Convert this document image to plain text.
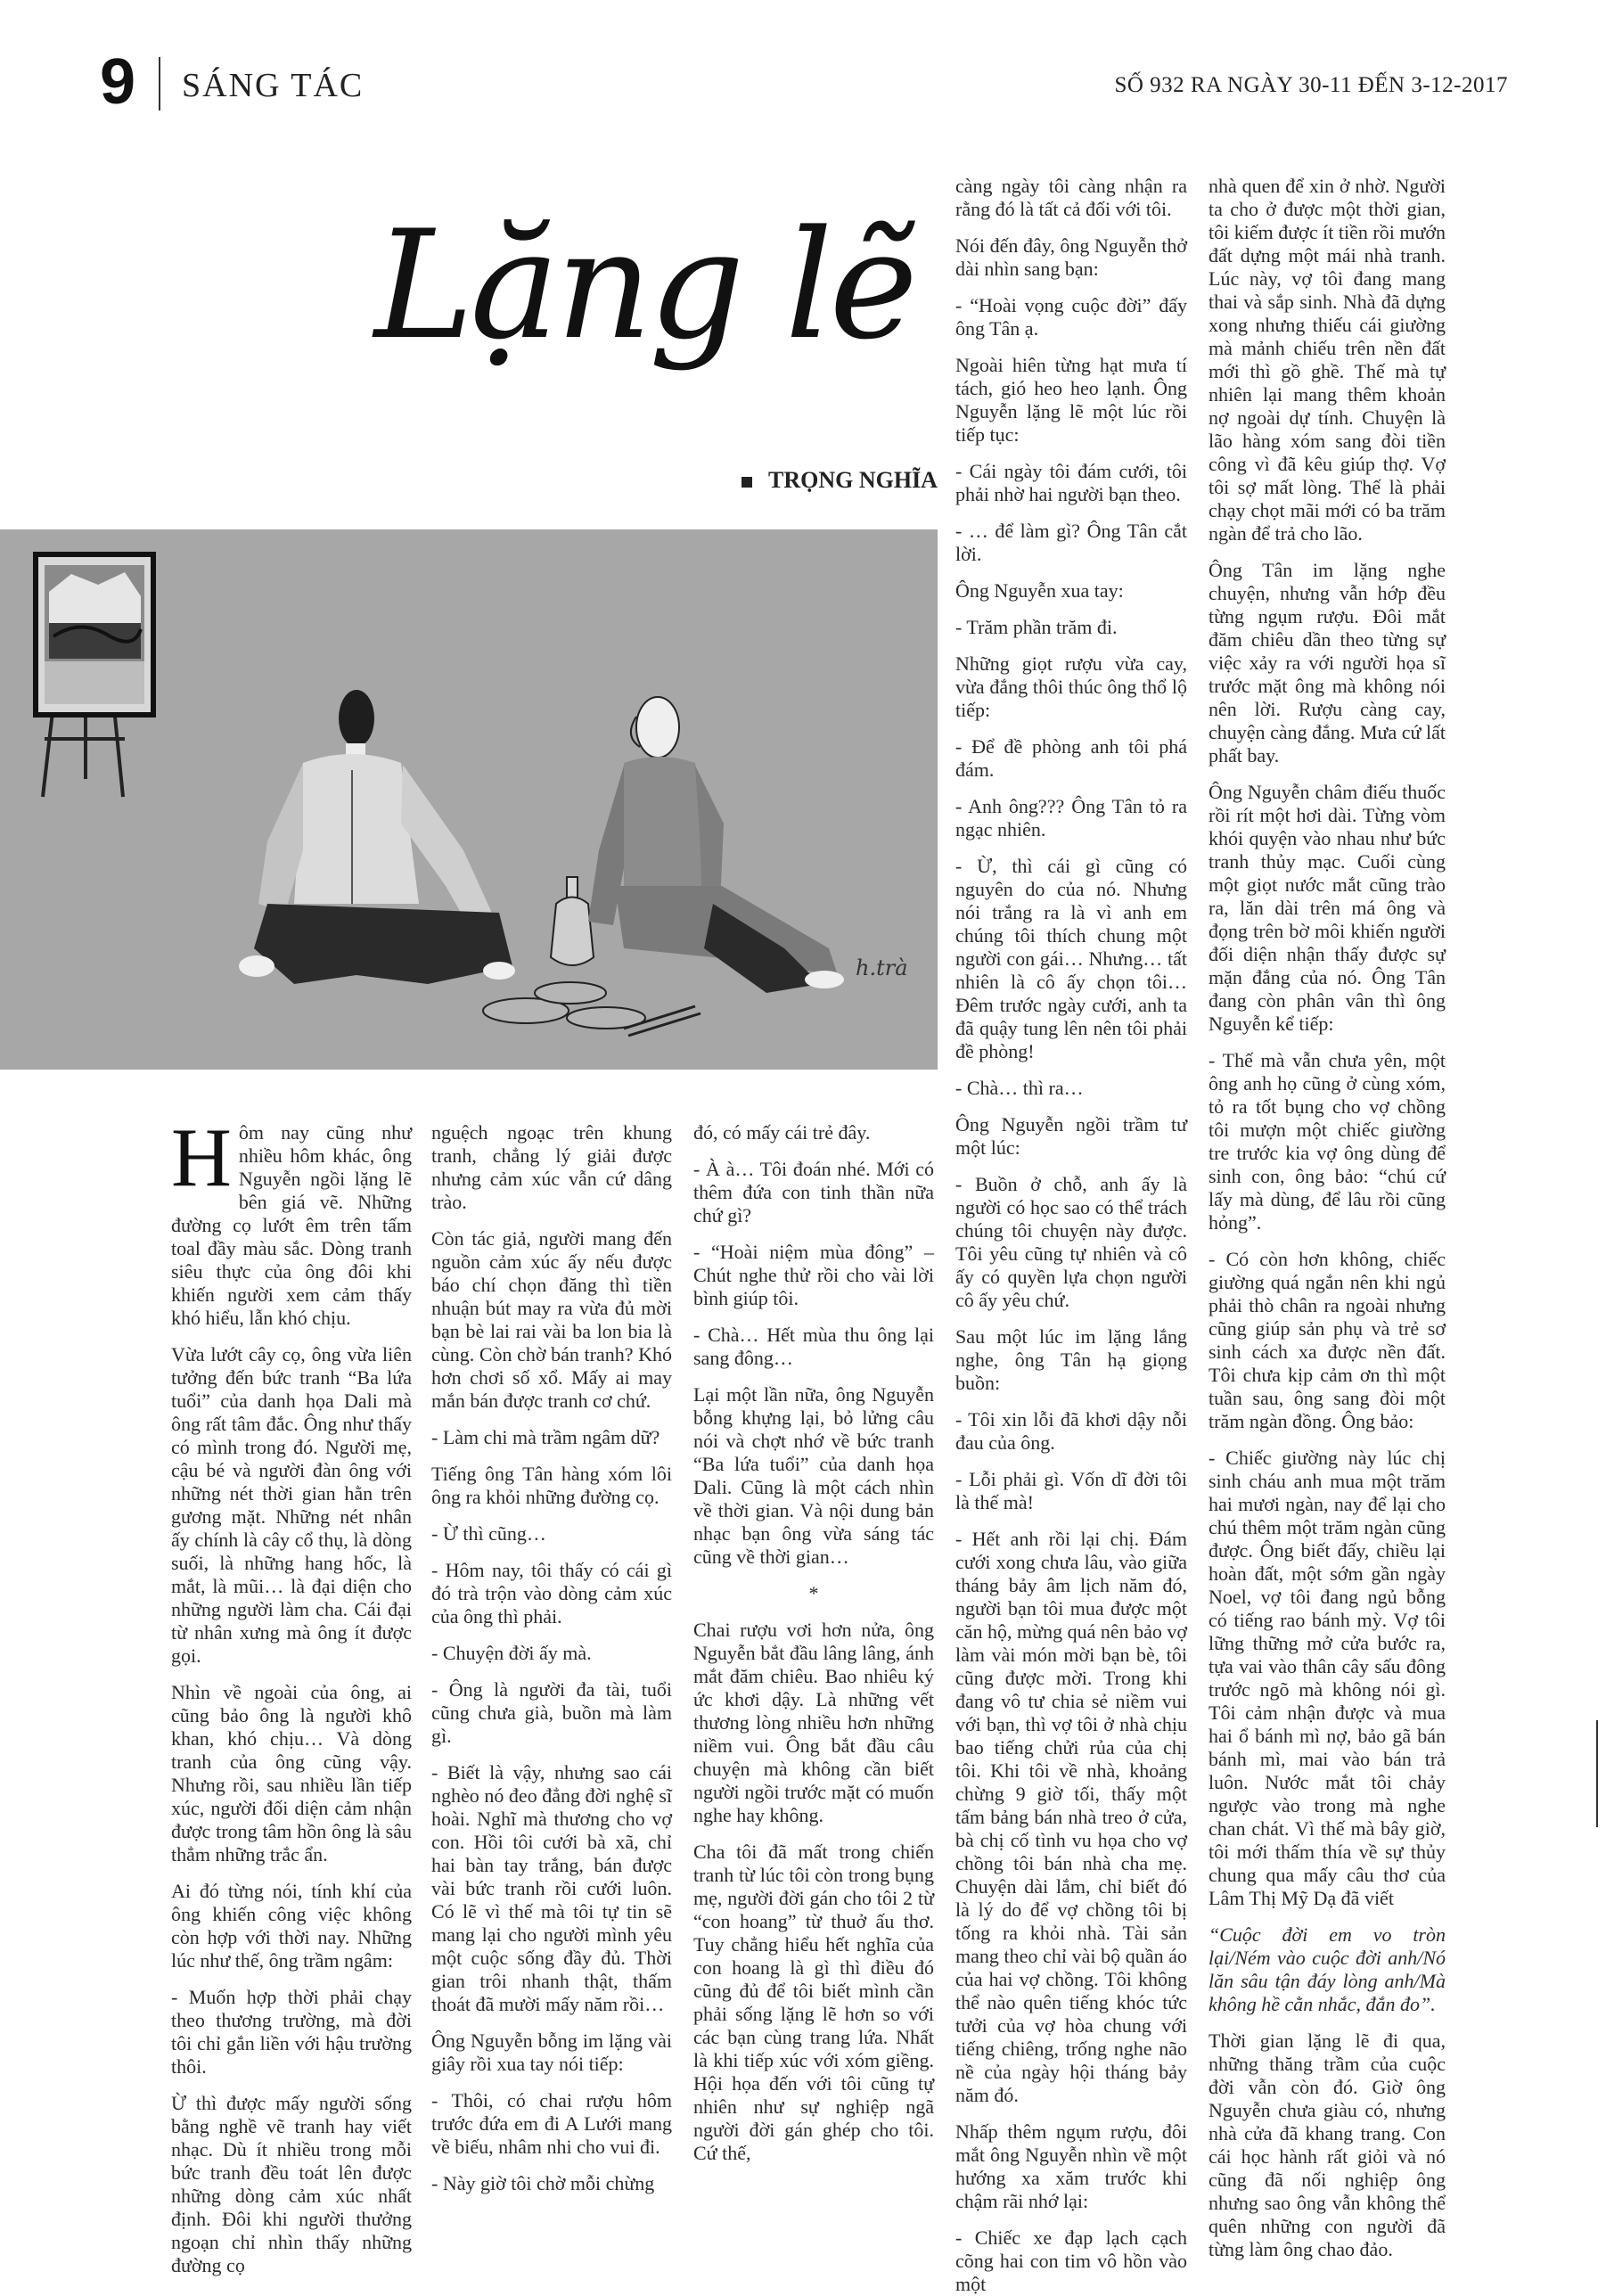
9 SÁNG TÁC	SỐ 932 RA NGÀY 30-11 ĐẾN 3-12-2017
Lặng lẽ
TRỌNG NGHĨA
h.trà

Hôm nay cũng như nhiều hôm khác, ông Nguyễn ngồi lặng lẽ bên giá vẽ. Những đường cọ lướt êm trên tấm toal đầy màu sắc. Dòng tranh siêu thực của ông đôi khi khiến người xem cảm thấy khó hiểu, lẫn khó chịu.

Vừa lướt cây cọ, ông vừa liên tưởng đến bức tranh “Ba lứa tuổi” của danh họa Dali mà ông rất tâm đắc. Ông như thấy có mình trong đó. Người mẹ, cậu bé và người đàn ông với những nét thời gian hằn trên gương mặt. Những nét nhân ấy chính là cây cổ thụ, là dòng suối, là những hang hốc, là mắt, là mũi… là đại diện cho những người làm cha. Cái đại từ nhân xưng mà ông ít được gọi.

Nhìn về ngoài của ông, ai cũng bảo ông là người khô khan, khó chịu… Và dòng tranh của ông cũng vậy. Nhưng rồi, sau nhiều lần tiếp xúc, người đối diện cảm nhận được trong tâm hồn ông là sâu thẳm những trắc ẩn.

Ai đó từng nói, tính khí của ông khiến công việc không còn hợp với thời nay. Những lúc như thế, ông trầm ngâm:

- Muốn hợp thời phải chạy theo thương trường, mà đời tôi chỉ gắn liền với hậu trường thôi.

Ừ thì được mấy người sống bằng nghề vẽ tranh hay viết nhạc. Dù ít nhiều trong mỗi bức tranh đều toát lên được những dòng cảm xúc nhất định. Đôi khi người thưởng ngoạn chỉ nhìn thấy những đường cọ

nguệch ngoạc trên khung tranh, chẳng lý giải được nhưng cảm xúc vẫn cứ dâng trào.

Còn tác giả, người mang đến nguồn cảm xúc ấy nếu được báo chí chọn đăng thì tiền nhuận bút may ra vừa đủ mời bạn bè lai rai vài ba lon bia là cùng. Còn chờ bán tranh? Khó hơn chơi số xổ. Mấy ai may mắn bán được tranh cơ chứ.

- Làm chi mà trầm ngâm dữ?

Tiếng ông Tân hàng xóm lôi ông ra khỏi những đường cọ.

- Ừ thì cũng…

- Hôm nay, tôi thấy có cái gì đó trà trộn vào dòng cảm xúc của ông thì phải.

- Chuyện đời ấy mà.

- Ông là người đa tài, tuổi cũng chưa già, buồn mà làm gì.

- Biết là vậy, nhưng sao cái nghèo nó đeo đẳng đời nghệ sĩ hoài. Nghĩ mà thương cho vợ con. Hồi tôi cưới bà xã, chỉ hai bàn tay trắng, bán được vài bức tranh rồi cưới luôn. Có lẽ vì thế mà tôi tự tin sẽ mang lại cho người mình yêu một cuộc sống đầy đủ. Thời gian trôi nhanh thật, thấm thoát đã mười mấy năm rồi…

Ông Nguyễn bỗng im lặng vài giây rồi xua tay nói tiếp:

- Thôi, có chai rượu hôm trước đứa em đi A Lưới mang về biếu, nhâm nhi cho vui đi.

- Này giờ tôi chờ mỗi chừng

đó, có mấy cái trẻ đây.

- À à… Tôi đoán nhé. Mới có thêm đứa con tinh thần nữa chứ gì?

- “Hoài niệm mùa đông” – Chút nghe thử rồi cho vài lời bình giúp tôi.

- Chà… Hết mùa thu ông lại sang đông…

Lại một lần nữa, ông Nguyễn bỗng khựng lại, bỏ lửng câu nói và chợt nhớ về bức tranh “Ba lứa tuổi” của danh họa Dali. Cũng là một cách nhìn về thời gian. Và nội dung bản nhạc bạn ông vừa sáng tác cũng về thời gian…

*

Chai rượu vơi hơn nửa, ông Nguyễn bắt đầu lâng lâng, ánh mắt đăm chiêu. Bao nhiêu ký ức khơi dậy. Là những vết thương lòng nhiều hơn những niềm vui. Ông bắt đầu câu chuyện mà không cần biết người ngồi trước mặt có muốn nghe hay không.

Cha tôi đã mất trong chiến tranh từ lúc tôi còn trong bụng mẹ, người đời gán cho tôi 2 từ “con hoang” từ thuở ấu thơ. Tuy chẳng hiểu hết nghĩa của con hoang là gì thì điều đó cũng đủ để tôi biết mình cần phải sống lặng lẽ hơn so với các bạn cùng trang lứa. Nhất là khi tiếp xúc với xóm giềng. Hội họa đến với tôi cũng tự nhiên như sự nghiệp ngã người đời gán ghép cho tôi. Cứ thế,

càng ngày tôi càng nhận ra rằng đó là tất cả đối với tôi.

Nói đến đây, ông Nguyễn thở dài nhìn sang bạn:

- “Hoài vọng cuộc đời” đấy ông Tân ạ.

Ngoài hiên từng hạt mưa tí tách, gió heo heo lạnh. Ông Nguyễn lặng lẽ một lúc rồi tiếp tục:

- Cái ngày tôi đám cưới, tôi phải nhờ hai người bạn theo.

- … để làm gì? Ông Tân cắt lời.

Ông Nguyễn xua tay:

- Trăm phần trăm đi.

Những giọt rượu vừa cay, vừa đắng thôi thúc ông thổ lộ tiếp:

- Để đề phòng anh tôi phá đám.

- Anh ông??? Ông Tân tỏ ra ngạc nhiên.

- Ừ, thì cái gì cũng có nguyên do của nó. Nhưng nói trắng ra là vì anh em chúng tôi thích chung một người con gái… Nhưng… tất nhiên là cô ấy chọn tôi… Đêm trước ngày cưới, anh ta đã quậy tung lên nên tôi phải đề phòng!

- Chà… thì ra…

Ông Nguyễn ngồi trầm tư một lúc:

- Buồn ở chỗ, anh ấy là người có học sao có thể trách chúng tôi chuyện này được. Tôi yêu cũng tự nhiên và cô ấy có quyền lựa chọn người cô ấy yêu chứ.

Sau một lúc im lặng lắng nghe, ông Tân hạ giọng buồn:

- Tôi xin lỗi đã khơi dậy nỗi đau của ông.

- Lỗi phải gì. Vốn dĩ đời tôi là thế mà!

- Hết anh rồi lại chị. Đám cưới xong chưa lâu, vào giữa tháng bảy âm lịch năm đó, người bạn tôi mua được một căn hộ, mừng quá nên bảo vợ làm vài món mời bạn bè, tôi cũng được mời. Trong khi đang vô tư chia sẻ niềm vui với bạn, thì vợ tôi ở nhà chịu bao tiếng chửi rủa của chị tôi. Khi tôi về nhà, khoảng chừng 9 giờ tối, thấy một tấm bảng bán nhà treo ở cửa, bà chị cố tình vu họa cho vợ chồng tôi bán nhà cha mẹ. Chuyện dài lắm, chỉ biết đó là lý do để vợ chồng tôi bị tống ra khỏi nhà. Tài sản mang theo chỉ vài bộ quần áo của hai vợ chồng. Tôi không thể nào quên tiếng khóc tức tưởi của vợ hòa chung với tiếng chiêng, trống nghe não nề của ngày hội tháng bảy năm đó.

Nhấp thêm ngụm rượu, đôi mắt ông Nguyễn nhìn về một hướng xa xăm trước khi chậm rãi nhớ lại:

- Chiếc xe đạp lạch cạch cõng hai con tim vô hồn vào một

nhà quen để xin ở nhờ. Người ta cho ở được một thời gian, tôi kiếm được ít tiền rồi mướn đất dựng một mái nhà tranh. Lúc này, vợ tôi đang mang thai và sắp sinh. Nhà đã dựng xong nhưng thiếu cái giường mà mảnh chiếu trên nền đất mới thì gồ ghề. Thế mà tự nhiên lại mang thêm khoản nợ ngoài dự tính. Chuyện là lão hàng xóm sang đòi tiền công vì đã kêu giúp thợ. Vợ tôi sợ mất lòng. Thế là phải chạy chọt mãi mới có ba trăm ngàn để trả cho lão.

Ông Tân im lặng nghe chuyện, nhưng vẫn hớp đều từng ngụm rượu. Đôi mắt đăm chiêu dần theo từng sự việc xảy ra với người họa sĩ trước mặt ông mà không nói nên lời. Rượu càng cay, chuyện càng đắng. Mưa cứ lất phất bay.

Ông Nguyễn châm điếu thuốc rồi rít một hơi dài. Từng vòm khói quyện vào nhau như bức tranh thủy mạc. Cuối cùng một giọt nước mắt cũng trào ra, lăn dài trên má ông và đọng trên bờ môi khiến người đối diện nhận thấy được sự mặn đắng của nó. Ông Tân đang còn phân vân thì ông Nguyễn kể tiếp:

- Thế mà vẫn chưa yên, một ông anh họ cũng ở cùng xóm, tỏ ra tốt bụng cho vợ chồng tôi mượn một chiếc giường tre trước kia vợ ông dùng để sinh con, ông bảo: “chú cứ lấy mà dùng, để lâu rồi cũng hỏng”.

- Có còn hơn không, chiếc giường quá ngắn nên khi ngủ phải thò chân ra ngoài nhưng cũng giúp sản phụ và trẻ sơ sinh cách xa được nền đất. Tôi chưa kịp cảm ơn thì một tuần sau, ông sang đòi một trăm ngàn đồng. Ông bảo:

- Chiếc giường này lúc chị sinh cháu anh mua một trăm hai mươi ngàn, nay để lại cho chú thêm một trăm ngàn cũng được. Ông biết đấy, chiều lại hoàn đất, một sớm gần ngày Noel, vợ tôi đang ngủ bỗng có tiếng rao bánh mỳ. Vợ tôi lững thững mở cửa bước ra, tựa vai vào thân cây sấu đông trước ngõ mà không nói gì. Tôi cảm nhận được và mua hai ổ bánh mì nợ, bảo gã bán bánh mì, mai vào bán trả luôn. Nước mắt tôi chảy ngược vào trong mà nghe chan chát. Vì thế mà bây giờ, tôi mới thấm thía về sự thủy chung qua mấy câu thơ của Lâm Thị Mỹ Dạ đã viết

“Cuộc đời em vo tròn lại/Ném vào cuộc đời anh/Nó lăn sâu tận đáy lòng anh/Mà không hề cằn nhắc, đắn đo”.

Thời gian lặng lẽ đi qua, những thăng trầm của cuộc đời vẫn còn đó. Giờ ông Nguyễn chưa giàu có, nhưng nhà cửa đã khang trang. Con cái học hành rất giỏi và nó cũng đã nối nghiệp ông nhưng sao ông vẫn không thể quên những con người đã từng làm ông chao đảo.
